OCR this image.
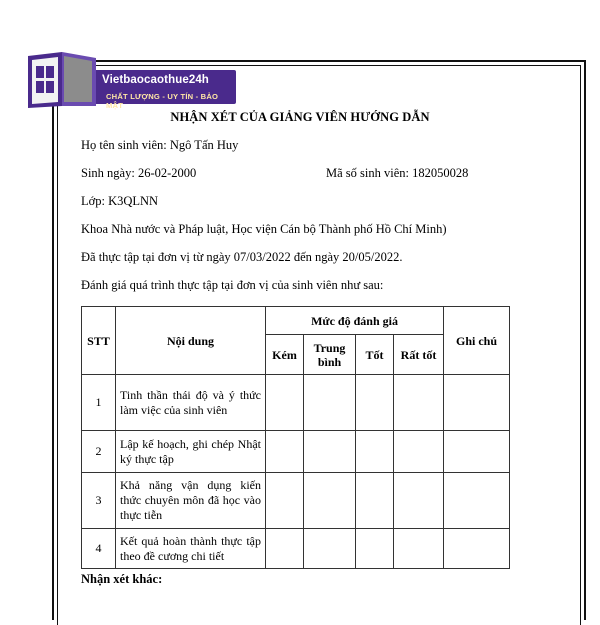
Vietbaocaothue24h
CHẤT LƯỢNG - UY TÍN - BẢO MẬT
NHẬN XÉT CỦA GIẢNG VIÊN HƯỚNG DẪN
Họ tên sinh viên: Ngô Tấn Huy
Sinh ngày: 26-02-2000	Mã số sinh viên: 182050028
Lớp: K3QLNN
Khoa Nhà nước và Pháp luật, Học viện Cán bộ Thành phố Hồ Chí Minh)
Đã thực tập tại đơn vị từ ngày 07/03/2022 đến ngày 20/05/2022.
Đánh giá quá trình thực tập tại đơn vị của sinh viên như sau:
STT	Nội dung	Mức độ đánh giá				Ghi chú
		Kém	Trung bình	Tốt	Rất tốt	
1	Tinh thần thái độ và ý thức làm việc của sinh viên					
2	Lập kế hoạch, ghi chép Nhật ký thực tập					
3	Khả năng vận dụng kiến thức chuyên môn đã học vào thực tiễn					
4	Kết quả hoàn thành thực tập theo đề cương chi tiết					
Nhận xét khác:
